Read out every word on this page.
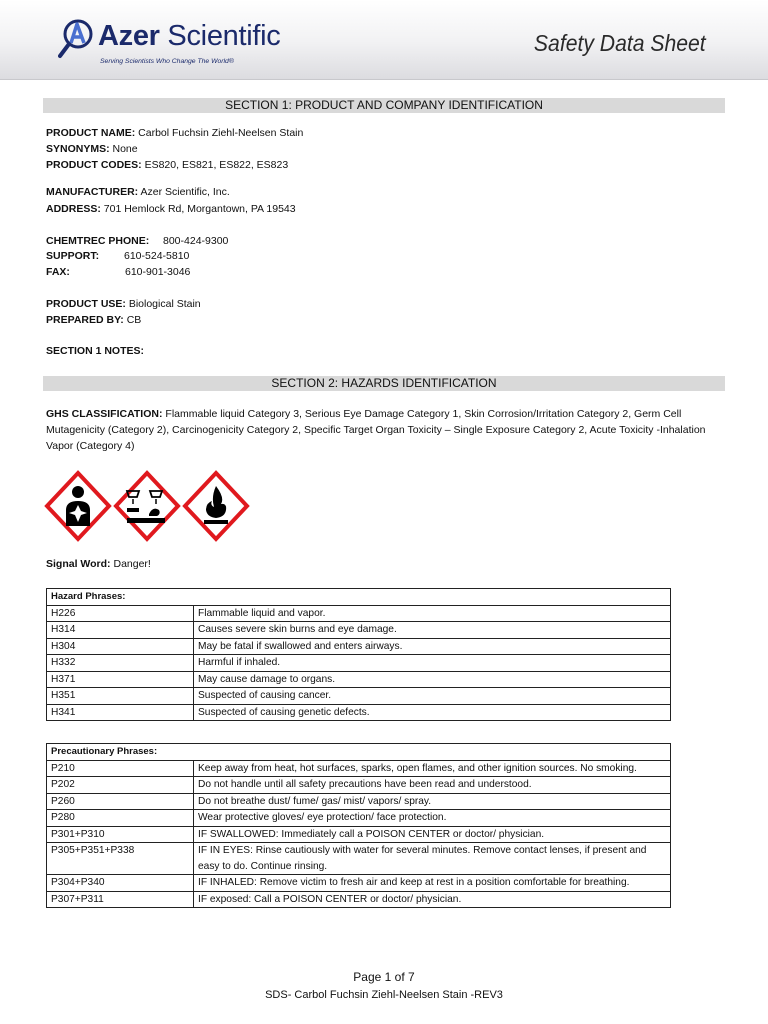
Azer Scientific
Serving Scientists Who Change The World®
Safety Data Sheet
SECTION 1: PRODUCT AND COMPANY IDENTIFICATION
PRODUCT NAME: Carbol Fuchsin Ziehl-Neelsen Stain
SYNONYMS: None
PRODUCT CODES: ES820, ES821, ES822, ES823
MANUFACTURER: Azer Scientific, Inc.
ADDRESS: 701 Hemlock Rd, Morgantown, PA 19543
CHEMTREC PHONE: 800-424-9300
SUPPORT: 610-524-5810
FAX:	610-901-3046
PRODUCT USE: Biological Stain
PREPARED BY: CB
SECTION 1 NOTES:
SECTION 2: HAZARDS IDENTIFICATION
GHS CLASSIFICATION: Flammable liquid Category 3, Serious Eye Damage Category 1, Skin Corrosion/Irritation Category 2, Germ Cell Mutagenicity (Category 2), Carcinogenicity Category 2, Specific Target Organ Toxicity – Single Exposure Category 2, Acute Toxicity -Inhalation Vapor (Category 4)
Signal Word: Danger!
Hazard Phrases:	
H226	Flammable liquid and vapor.
H314	Causes severe skin burns and eye damage.
H304	May be fatal if swallowed and enters airways.
H332	Harmful if inhaled.
H371	May cause damage to organs.
H351	Suspected of causing cancer.
H341	Suspected of causing genetic defects.
Precautionary Phrases:	
P210	Keep away from heat, hot surfaces, sparks, open flames, and other ignition sources. No smoking.
P202	Do not handle until all safety precautions have been read and understood.
P260	Do not breathe dust/ fume/ gas/ mist/ vapors/ spray.
P280	Wear protective gloves/ eye protection/ face protection.
P301+P310	IF SWALLOWED: Immediately call a POISON CENTER or doctor/ physician.
P305+P351+P338	IF IN EYES: Rinse cautiously with water for several minutes. Remove contact lenses, if present and easy to do. Continue rinsing.
P304+P340	IF INHALED: Remove victim to fresh air and keep at rest in a position comfortable for breathing.
P307+P311	IF exposed: Call a POISON CENTER or doctor/ physician.
Page 1 of 7
SDS- Carbol Fuchsin Ziehl-Neelsen Stain -REV3
